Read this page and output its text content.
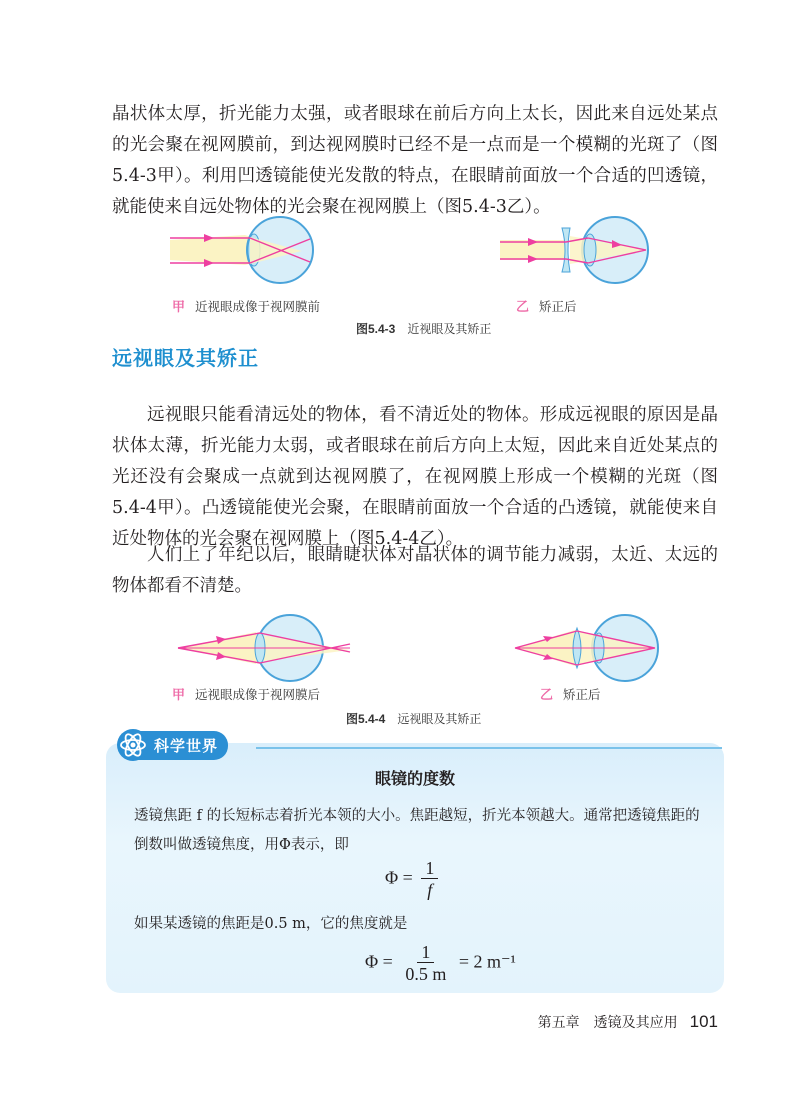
晶状体太厚，折光能力太强，或者眼球在前后方向上太长，因此来自远处某点的光会聚在视网膜前，到达视网膜时已经不是一点而是一个模糊的光斑了（图5.4-3甲）。利用凹透镜能使光发散的特点，在眼睛前面放一个合适的凹透镜，就能使来自远处物体的光会聚在视网膜上（图5.4-3乙）。

甲 近视眼成像于视网膜前	乙 矫正后
图5.4-3 近视眼及其矫正
远视眼及其矫正

远视眼只能看清远处的物体，看不清近处的物体。形成远视眼的原因是晶状体太薄，折光能力太弱，或者眼球在前后方向上太短，因此来自近处某点的光还没有会聚成一点就到达视网膜了，在视网膜上形成一个模糊的光斑（图5.4-4甲）。凸透镜能使光会聚，在眼睛前面放一个合适的凸透镜，就能使来自近处物体的光会聚在视网膜上（图5.4-4乙）。

人们上了年纪以后，眼睛睫状体对晶状体的调节能力减弱，太近、太远的物体都看不清楚。

甲 远视眼成像于视网膜后	乙 矫正后
图5.4-4 远视眼及其矫正
科学世界
眼镜的度数

透镜焦距 f 的长短标志着折光本领的大小。焦距越短，折光本领越大。通常把透镜焦距的倒数叫做透镜焦度，用Φ表示，即

$\Phi = \frac{1}{f}$

如果某透镜的焦距是0.5 m，它的焦度就是

$\Phi = \frac{1}{0.5 m} = 2$ m⁻¹
第五章　透镜及其应用 101
